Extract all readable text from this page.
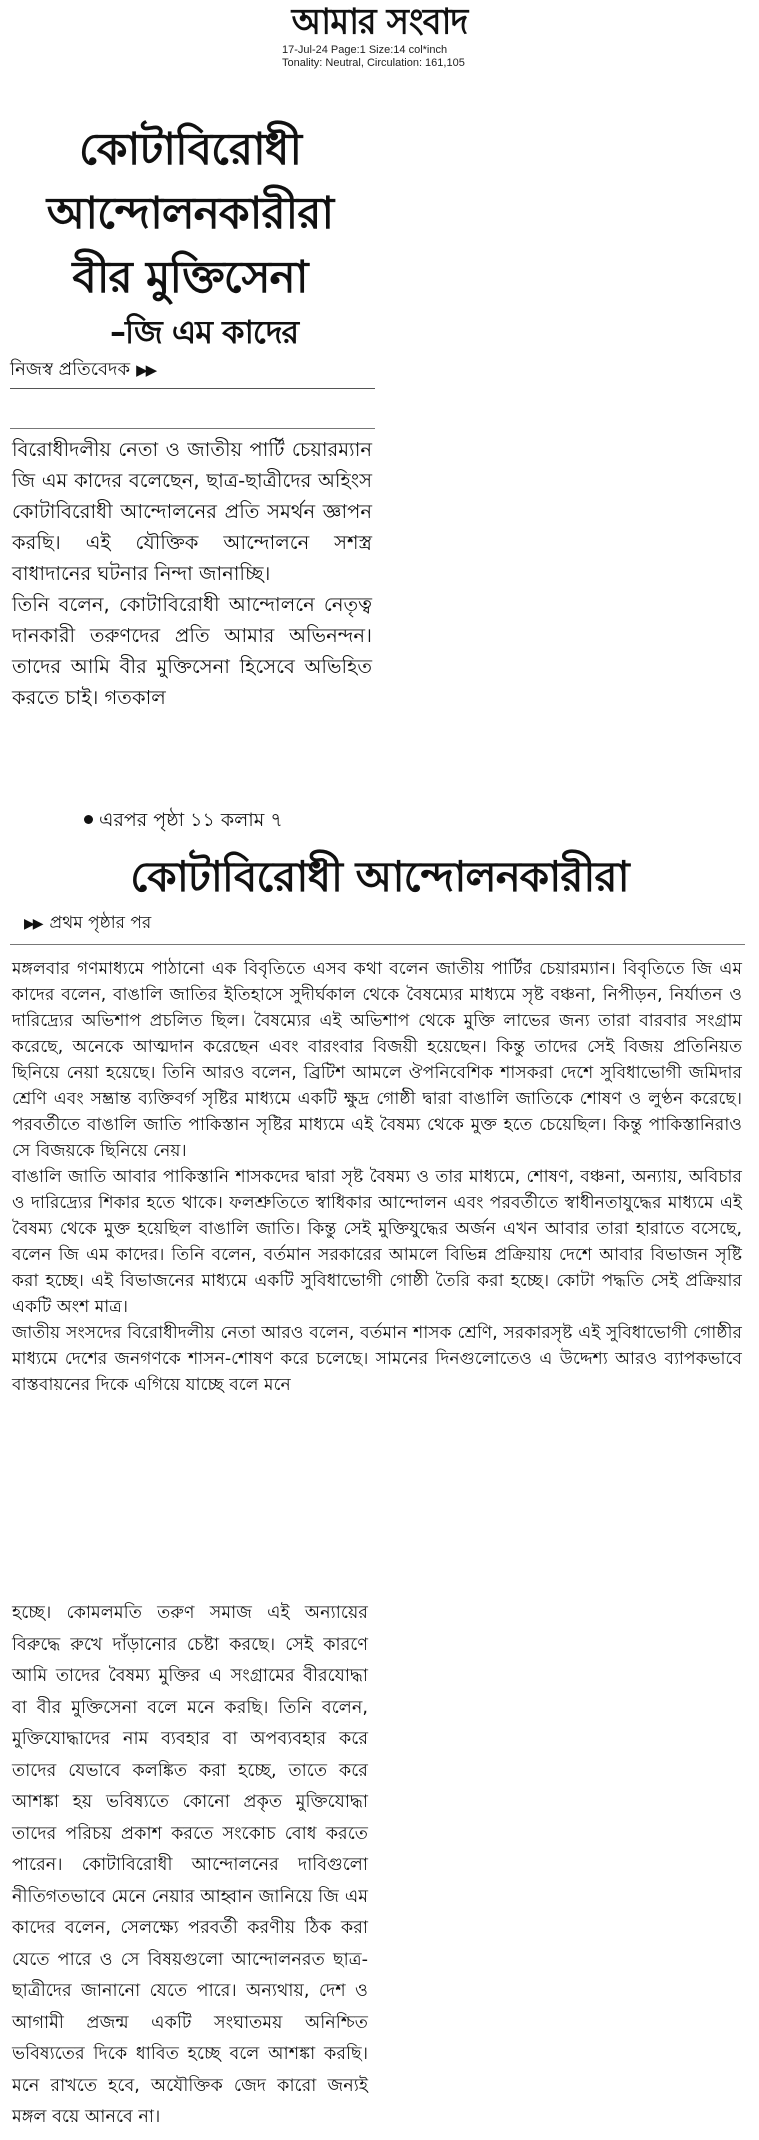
আমার সংবাদ
17-Jul-24 Page:1 Size:14 col*inch
Tonality: Neutral, Circulation: 161,105
কোটাবিরোধী
আন্দোলনকারীরা
বীর মুক্তিসেনা
–জি এম কাদের
নিজস্ব প্রতিবেদক ▶▶

বিরোধীদলীয় নেতা ও জাতীয় পার্টি চেয়ারম্যান জি এম কাদের বলেছেন, ছাত্র-ছাত্রীদের অহিংস কোটাবিরোধী আন্দোলনের প্রতি সমর্থন জ্ঞাপন করছি। এই যৌক্তিক আন্দোলনে সশস্ত্র বাধাদানের ঘটনার নিন্দা জানাচ্ছি।

তিনি বলেন, কোটাবিরোধী আন্দোলনে নেতৃত্ব দানকারী তরুণদের প্রতি আমার অভিনন্দন। তাদের আমি বীর মুক্তিসেনা হিসেবে অভিহিত করতে চাই। গতকাল

এরপর পৃষ্ঠা ১১ কলাম ৭
কোটাবিরোধী আন্দোলনকারীরা
▶▶ প্রথম পৃষ্ঠার পর

মঙ্গলবার গণমাধ্যমে পাঠানো এক বিবৃতিতে এসব কথা বলেন জাতীয় পার্টির চেয়ারম্যান। বিবৃতিতে জি এম কাদের বলেন, বাঙালি জাতির ইতিহাসে সুদীর্ঘকাল থেকে বৈষম্যের মাধ্যমে সৃষ্ট বঞ্চনা, নিপীড়ন, নির্যাতন ও দারিদ্র্যের অভিশাপ প্রচলিত ছিল। বৈষম্যের এই অভিশাপ থেকে মুক্তি লাভের জন্য তারা বারবার সংগ্রাম করেছে, অনেকে আত্মদান করেছেন এবং বারংবার বিজয়ী হয়েছেন। কিন্তু তাদের সেই বিজয় প্রতিনিয়ত ছিনিয়ে নেয়া হয়েছে। তিনি আরও বলেন, ব্রিটিশ আমলে ঔপনিবেশিক শাসকরা দেশে সুবিধাভোগী জমিদার শ্রেণি এবং সম্ভ্রান্ত ব্যক্তিবর্গ সৃষ্টির মাধ্যমে একটি ক্ষুদ্র গোষ্ঠী দ্বারা বাঙালি জাতিকে শোষণ ও লুণ্ঠন করেছে। পরবর্তীতে বাঙালি জাতি পাকিস্তান সৃষ্টির মাধ্যমে এই বৈষম্য থেকে মুক্ত হতে চেয়েছিল। কিন্তু পাকিস্তানিরাও সে বিজয়কে ছিনিয়ে নেয়।

বাঙালি জাতি আবার পাকিস্তানি শাসকদের দ্বারা সৃষ্ট বৈষম্য ও তার মাধ্যমে, শোষণ, বঞ্চনা, অন্যায়, অবিচার ও দারিদ্র্যের শিকার হতে থাকে। ফলশ্রুতিতে স্বাধিকার আন্দোলন এবং পরবর্তীতে স্বাধীনতাযুদ্ধের মাধ্যমে এই বৈষম্য থেকে মুক্ত হয়েছিল বাঙালি জাতি। কিন্তু সেই মুক্তিযুদ্ধের অর্জন এখন আবার তারা হারাতে বসেছে, বলেন জি এম কাদের। তিনি বলেন, বর্তমান সরকারের আমলে বিভিন্ন প্রক্রিয়ায় দেশে আবার বিভাজন সৃষ্টি করা হচ্ছে। এই বিভাজনের মাধ্যমে একটি সুবিধাভোগী গোষ্ঠী তৈরি করা হচ্ছে। কোটা পদ্ধতি সেই প্রক্রিয়ার একটি অংশ মাত্র।

জাতীয় সংসদের বিরোধীদলীয় নেতা আরও বলেন, বর্তমান শাসক শ্রেণি, সরকারসৃষ্ট এই সুবিধাভোগী গোষ্ঠীর মাধ্যমে দেশের জনগণকে শাসন-শোষণ করে চলেছে। সামনের দিনগুলোতেও এ উদ্দেশ্য আরও ব্যাপকভাবে বাস্তবায়নের দিকে এগিয়ে যাচ্ছে বলে মনে

হচ্ছে। কোমলমতি তরুণ সমাজ এই অন্যায়ের বিরুদ্ধে রুখে দাঁড়ানোর চেষ্টা করছে। সেই কারণে আমি তাদের বৈষম্য মুক্তির এ সংগ্রামের বীরযোদ্ধা বা বীর মুক্তিসেনা বলে মনে করছি। তিনি বলেন, মুক্তিযোদ্ধাদের নাম ব্যবহার বা অপব্যবহার করে তাদের যেভাবে কলঙ্কিত করা হচ্ছে, তাতে করে আশঙ্কা হয় ভবিষ্যতে কোনো প্রকৃত মুক্তিযোদ্ধা তাদের পরিচয় প্রকাশ করতে সংকোচ বোধ করতে পারেন। কোটাবিরোধী আন্দোলনের দাবিগুলো নীতিগতভাবে মেনে নেয়ার আহ্বান জানিয়ে জি এম কাদের বলেন, সেলক্ষ্যে পরবর্তী করণীয় ঠিক করা যেতে পারে ও সে বিষয়গুলো আন্দোলনরত ছাত্র-ছাত্রীদের জানানো যেতে পারে। অন্যথায়, দেশ ও আগামী প্রজন্ম একটি সংঘাতময় অনিশ্চিত ভবিষ্যতের দিকে ধাবিত হচ্ছে বলে আশঙ্কা করছি। মনে রাখতে হবে, অযৌক্তিক জেদ কারো জন্যই মঙ্গল বয়ে আনবে না।
